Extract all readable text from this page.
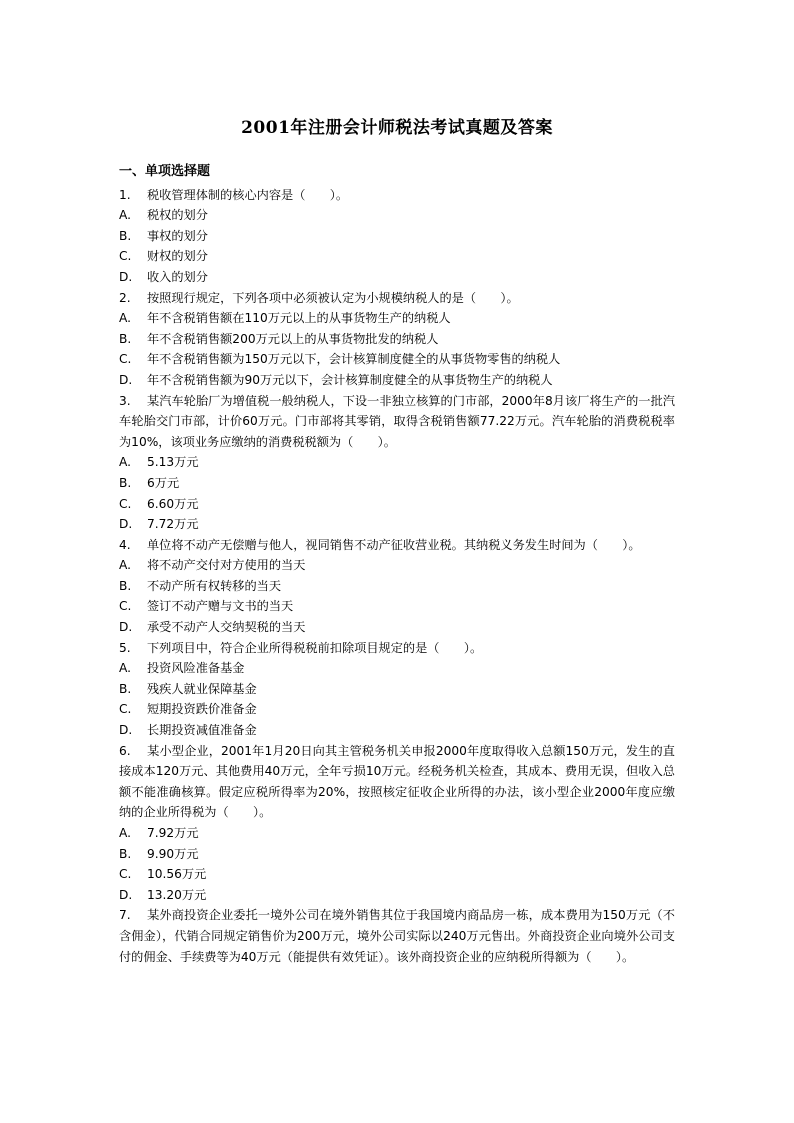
2001年注册会计师税法考试真题及答案
一、单项选择题
1. 税收管理体制的核心内容是（　　）。
A. 税权的划分
B. 事权的划分
C. 财权的划分
D. 收入的划分
2. 按照现行规定，下列各项中必须被认定为小规模纳税人的是（　　）。
A. 年不含税销售额在110万元以上的从事货物生产的纳税人
B. 年不含税销售额200万元以上的从事货物批发的纳税人
C. 年不含税销售额为150万元以下，会计核算制度健全的从事货物零售的纳税人
D. 年不含税销售额为90万元以下，会计核算制度健全的从事货物生产的纳税人
3. 某汽车轮胎厂为增值税一般纳税人，下设一非独立核算的门市部，2000年8月该厂将生产的一批汽车轮胎交门市部，计价60万元。门市部将其零销，取得含税销售额77.22万元。汽车轮胎的消费税税率为10%，该项业务应缴纳的消费税税额为（　　）。
A. 5.13万元
B. 6万元
C. 6.60万元
D. 7.72万元
4. 单位将不动产无偿赠与他人，视同销售不动产征收营业税。其纳税义务发生时间为（　　）。
A. 将不动产交付对方使用的当天
B. 不动产所有权转移的当天
C. 签订不动产赠与文书的当天
D. 承受不动产人交纳契税的当天
5. 下列项目中，符合企业所得税税前扣除项目规定的是（　　）。
A. 投资风险准备基金
B. 残疾人就业保障基金
C. 短期投资跌价准备金
D. 长期投资减值准备金
6. 某小型企业，2001年1月20日向其主管税务机关申报2000年度取得收入总额150万元，发生的直接成本120万元、其他费用40万元，全年亏损10万元。经税务机关检查，其成本、费用无误，但收入总额不能准确核算。假定应税所得率为20%，按照核定征收企业所得的办法，该小型企业2000年度应缴纳的企业所得税为（　　）。
A. 7.92万元
B. 9.90万元
C. 10.56万元
D. 13.20万元
7. 某外商投资企业委托一境外公司在境外销售其位于我国境内商品房一栋，成本费用为150万元（不含佣金），代销合同规定销售价为200万元，境外公司实际以240万元售出。外商投资企业向境外公司支付的佣金、手续费等为40万元（能提供有效凭证）。该外商投资企业的应纳税所得额为（　　）。
